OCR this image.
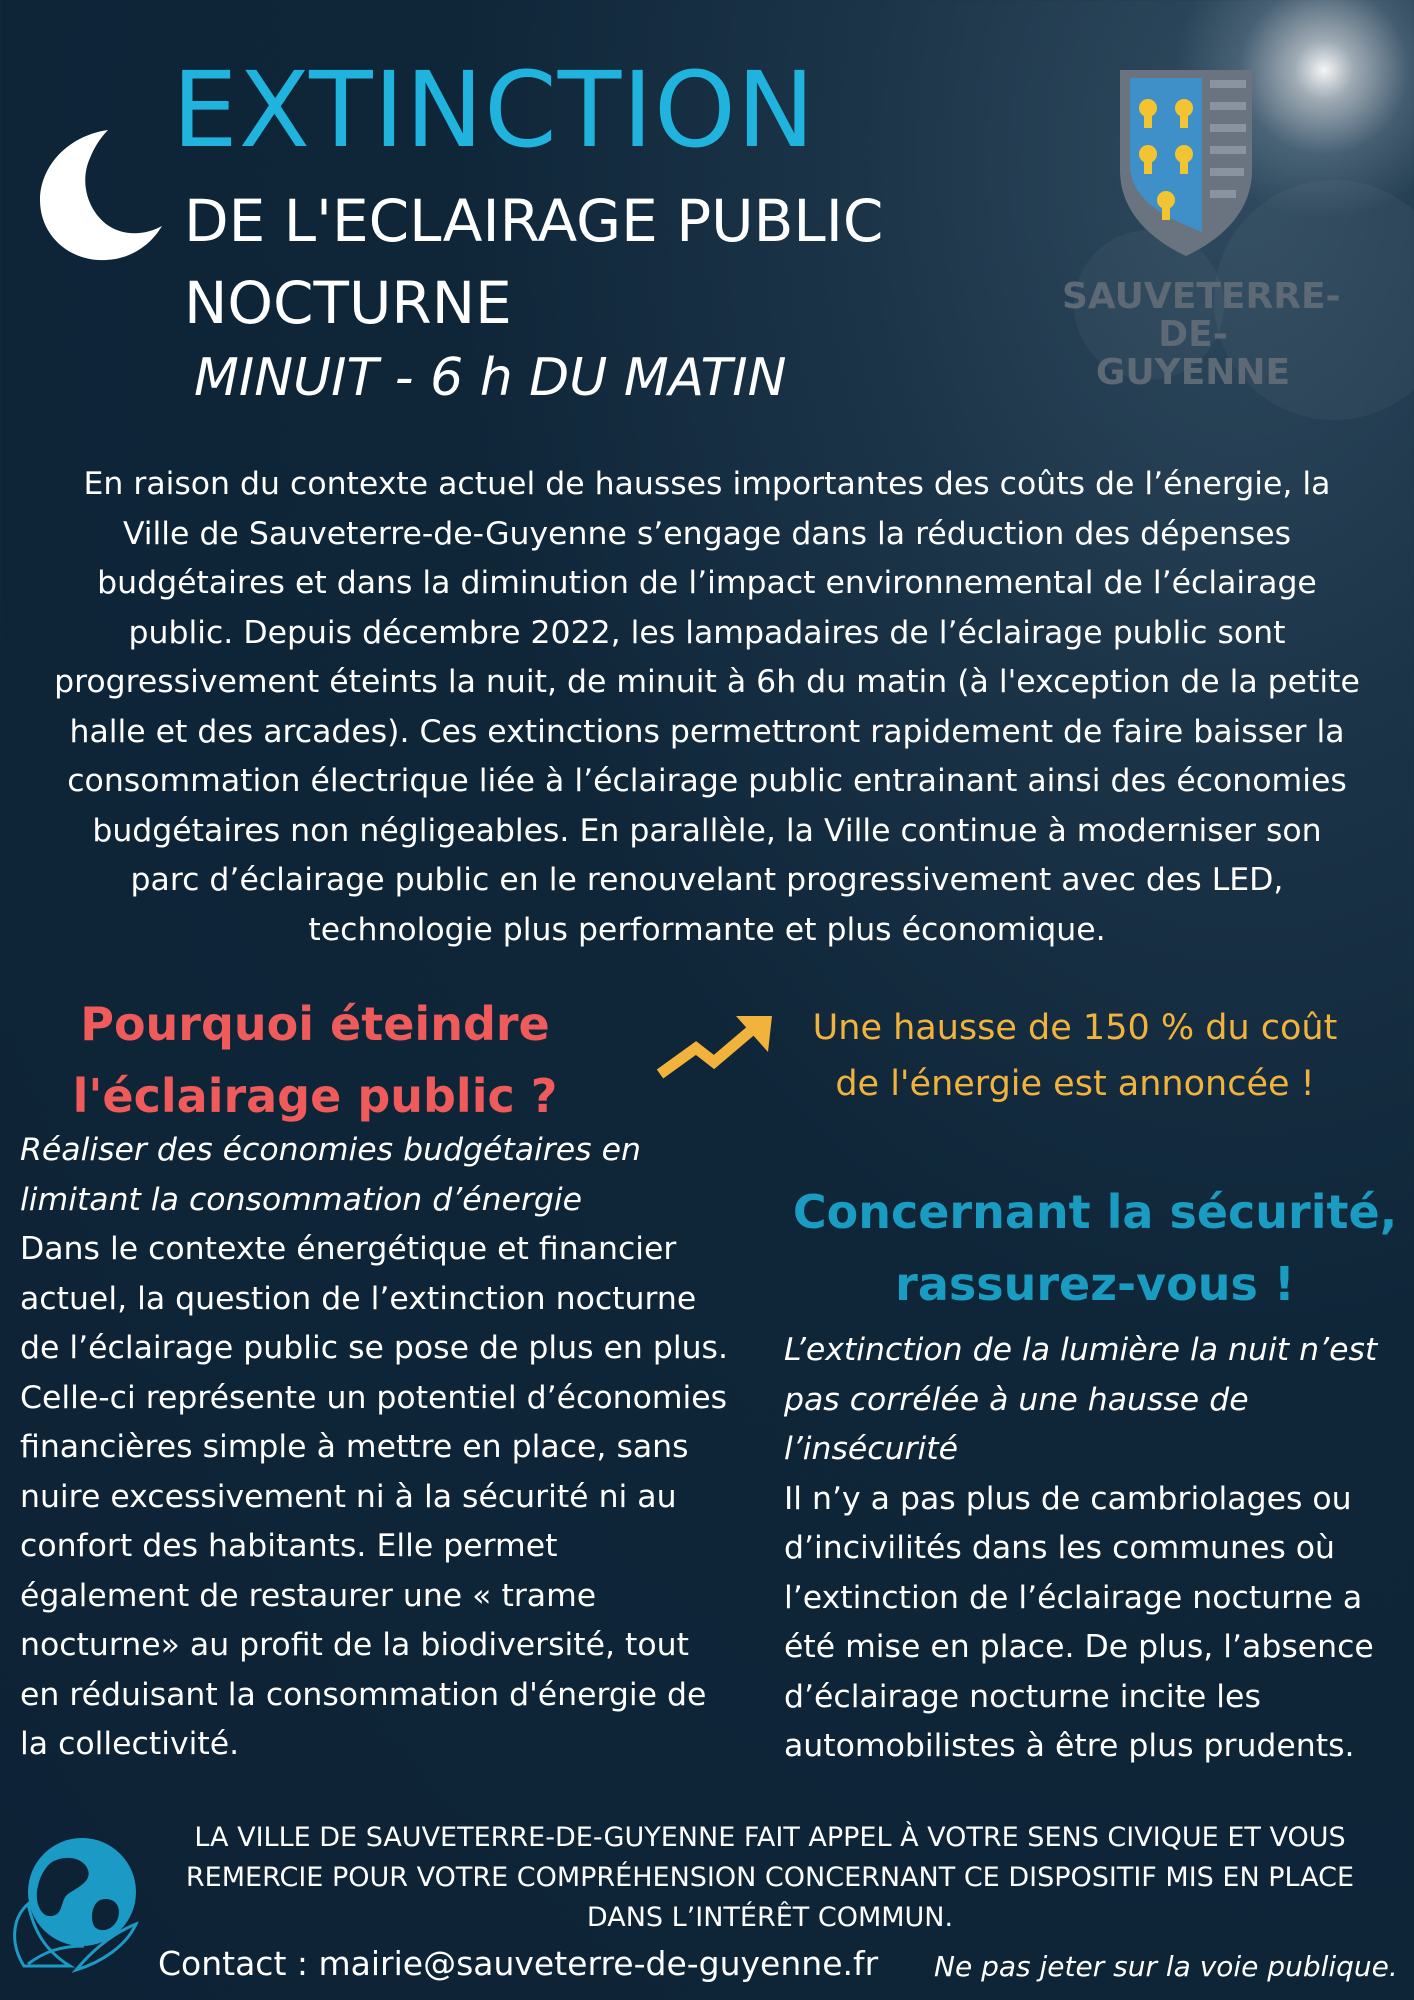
EXTINCTION
DE L'ECLAIRAGE PUBLIC
NOCTURNE
MINUIT - 6 h DU MATIN
SAUVETERRE-
DE-GUYENNE
En raison du contexte actuel de hausses importantes des coûts de l’énergie, la
Ville de Sauveterre-de-Guyenne s’engage dans la réduction des dépenses
budgétaires et dans la diminution de l’impact environnemental de l’éclairage
public. Depuis décembre 2022, les lampadaires de l’éclairage public sont
progressivement éteints la nuit, de minuit à 6h du matin (à l'exception de la petite
halle et des arcades). Ces extinctions permettront rapidement de faire baisser la
consommation électrique liée à l’éclairage public entrainant ainsi des économies
budgétaires non négligeables. En parallèle, la Ville continue à moderniser son
parc d’éclairage public en le renouvelant progressivement avec des LED,
technologie plus performante et plus économique.
Pourquoi éteindre
l'éclairage public ?
Une hausse de 150 % du coût
de l'énergie est annoncée !
Réaliser des économies budgétaires en
limitant la consommation d’énergie
Dans le contexte énergétique et financier
actuel, la question de l’extinction nocturne
de l’éclairage public se pose de plus en plus.
Celle-ci représente un potentiel d’économies
financières simple à mettre en place, sans
nuire excessivement ni à la sécurité ni au
confort des habitants. Elle permet
également de restaurer une « trame
nocturne» au profit de la biodiversité, tout
en réduisant la consommation d'énergie de
la collectivité.
Concernant la sécurité,
rassurez-vous !
L’extinction de la lumière la nuit n’est
pas corrélée à une hausse de
l’insécurité
Il n’y a pas plus de cambriolages ou
d’incivilités dans les communes où
l’extinction de l’éclairage nocturne a
été mise en place. De plus, l’absence
d’éclairage nocturne incite les
automobilistes à être plus prudents.
LA VILLE DE SAUVETERRE-DE-GUYENNE FAIT APPEL À VOTRE SENS CIVIQUE ET VOUS
REMERCIE POUR VOTRE COMPRÉHENSION CONCERNANT CE DISPOSITIF MIS EN PLACE
DANS L’INTÉRÊT COMMUN.
Contact : mairie@sauveterre-de-guyenne.fr Ne pas jeter sur la voie publique.
